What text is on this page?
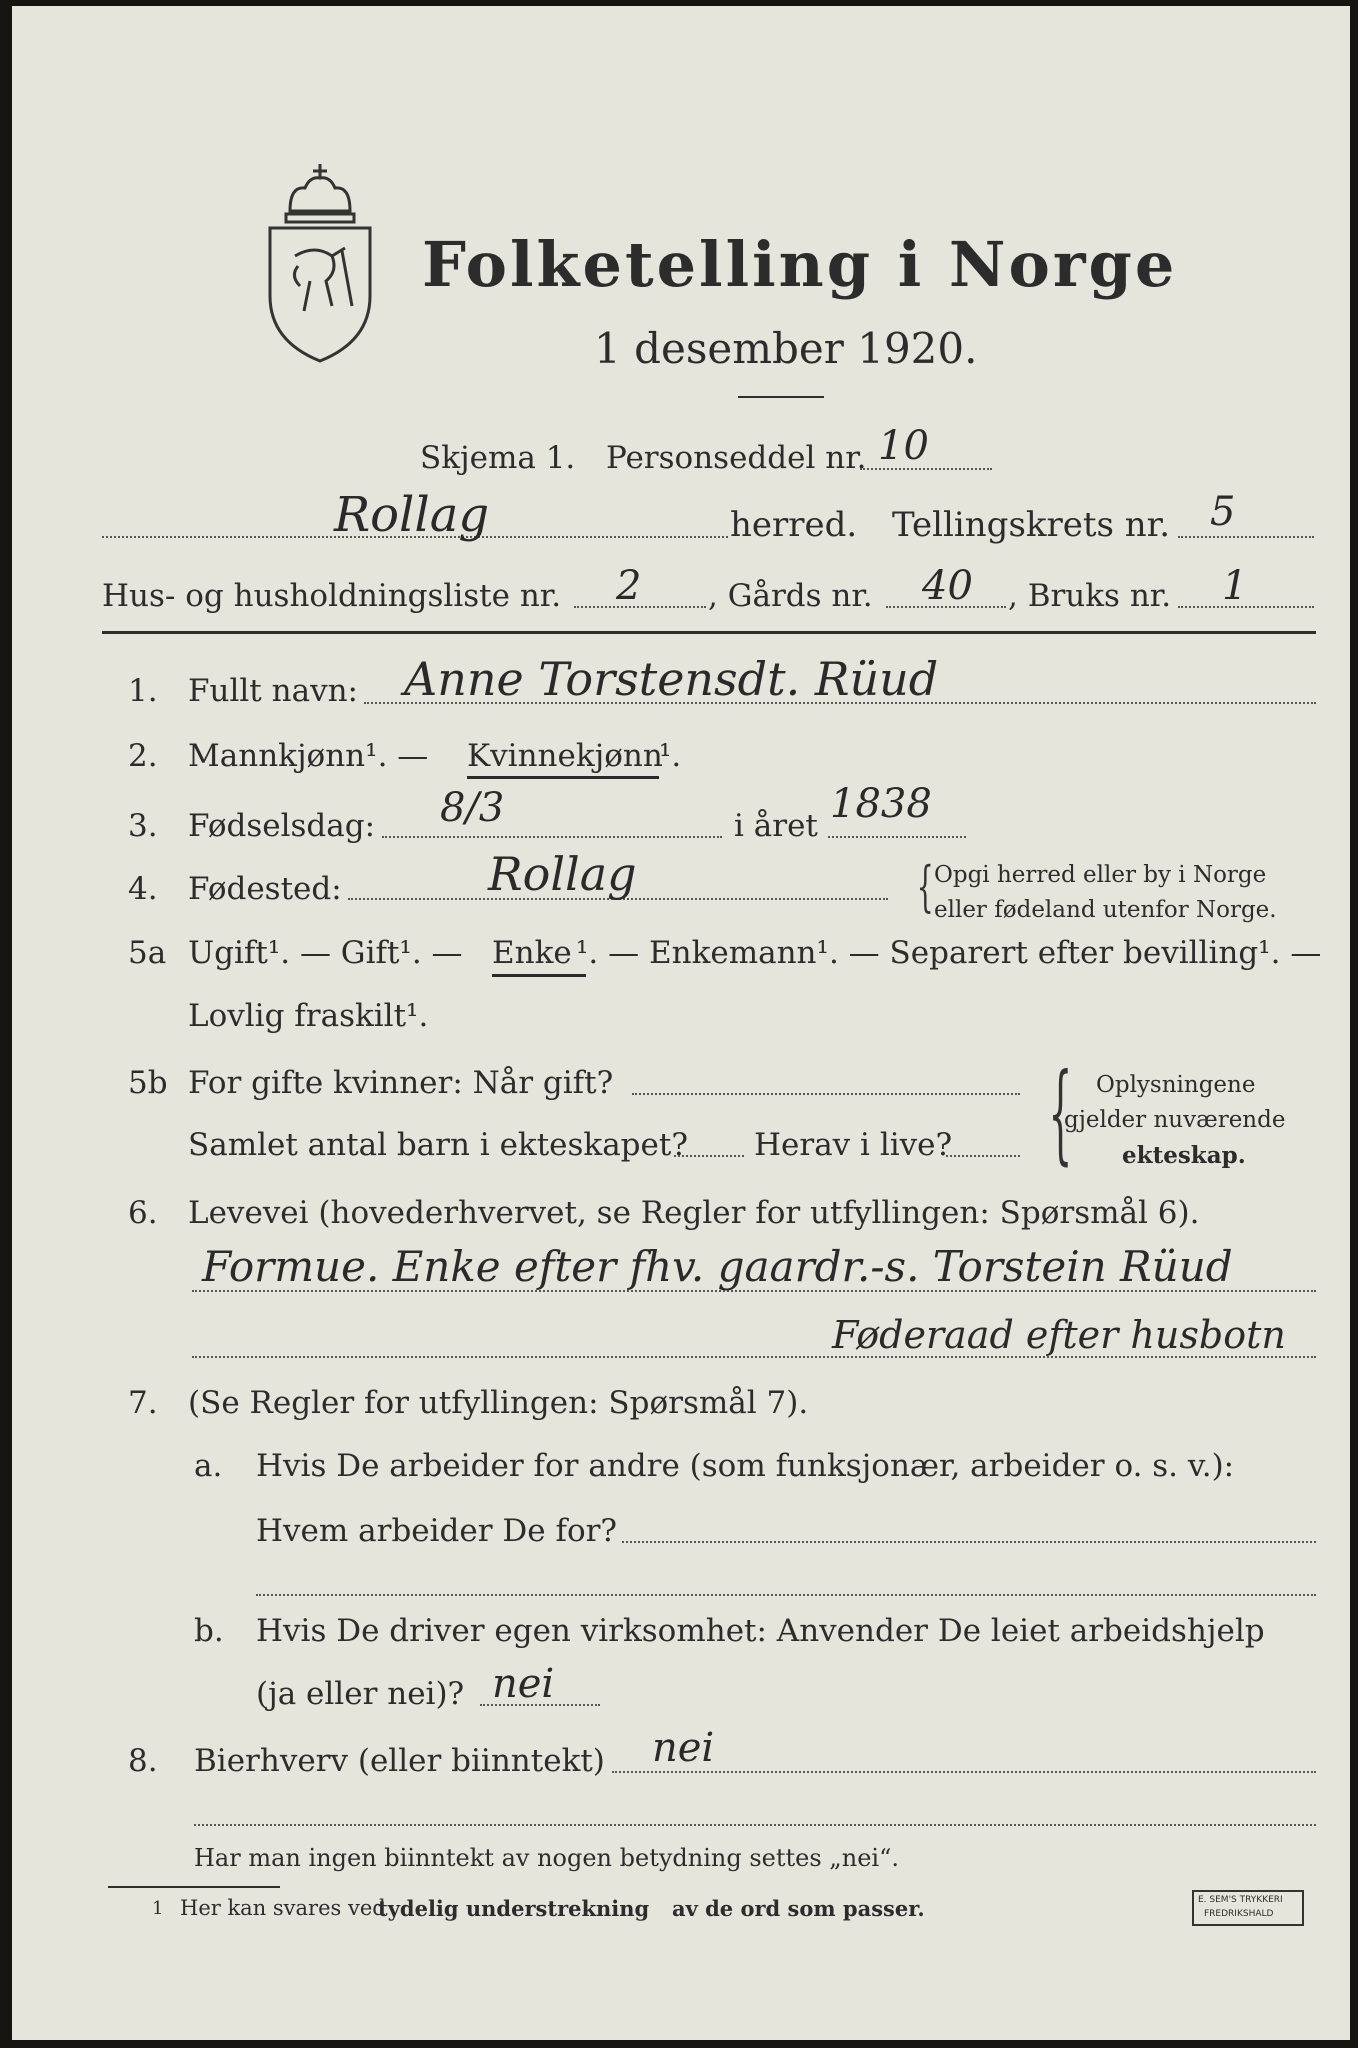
Folketelling i Norge
1 desember 1920.
Skjema 1. Personseddel nr. 10
Rollag	herred. Tellingskrets nr. 5
Hus- og husholdningsliste nr. 2 , Gårds nr. 40 , Bruks nr. 1
1. Fullt navn: Anne Torstensdt. Rüud
2. Mannkjønn¹. — Kvinnekjønn
¹.
3. Fødselsdag: 8/3	i året 1838
4. Fødested:	Rollag	{ Opgi herred eller by i Norge
eller fødeland utenfor Norge.
5a Ugift¹. — Gift¹. — Enke ¹. — Enkemann¹. — Separert efter bevilling¹. —
Lovlig fraskilt¹.
5b For gifte kvinner: Når gift?
Samlet antal barn i ekteskapet? Herav i live? { Oplysningene
gjelder nuværende
ekteskap.
6. Levevei (hovederhvervet, se Regler for utfyllingen: Spørsmål 6).
Formue. Enke efter fhv. gaardr.-s. Torstein Rüud
Føderaad efter husbotn
7. (Se Regler for utfyllingen: Spørsmål 7).
a. Hvis De arbeider for andre (som funksjonær, arbeider o. s. v.):
Hvem arbeider De for?
b. Hvis De driver egen virksomhet: Anvender De leiet arbeidshjelp
(ja eller nei)? nei
8. Bierhverv (eller biinntekt) nei
Har man ingen biinntekt av nogen betydning settes „nei“.
1 Her kan svares ved
tydelig understrekning av de ord som passer.	E. SEM'S TRYKKERI
FREDRIKSHALD
